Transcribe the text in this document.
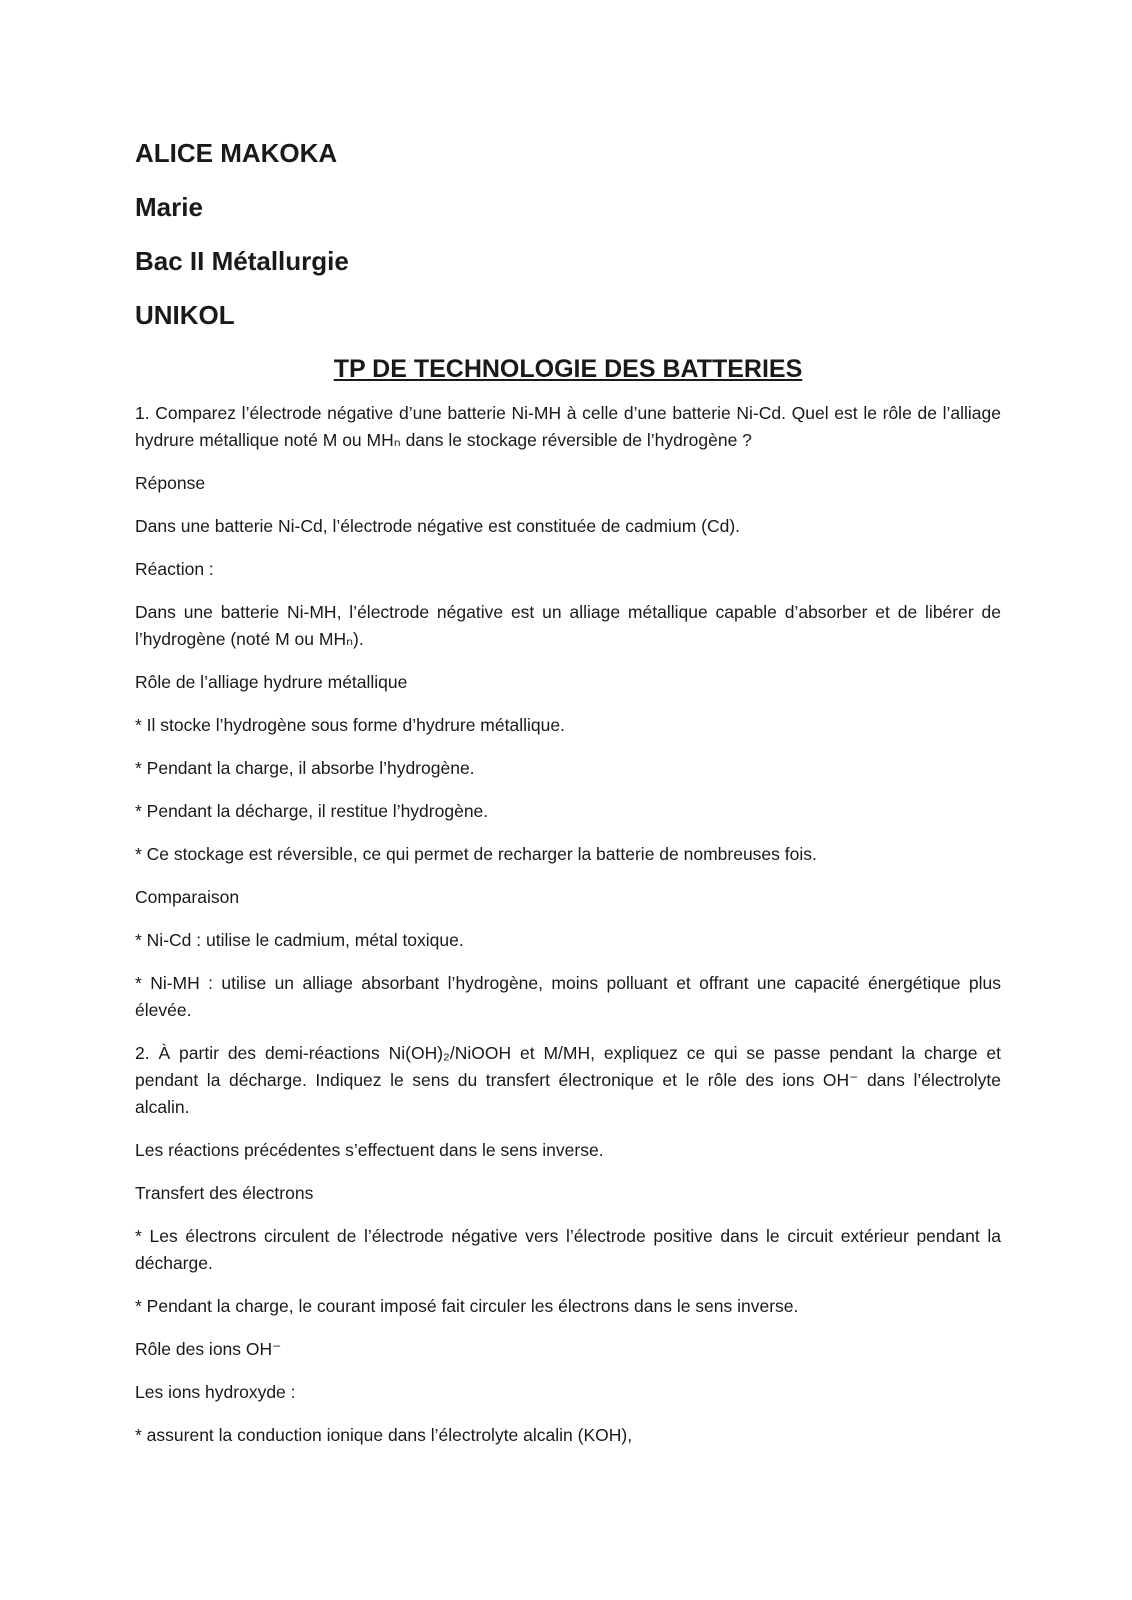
ALICE MAKOKA
Marie
Bac II Métallurgie
UNIKOL
TP DE TECHNOLOGIE DES BATTERIES

1. Comparez l’électrode négative d’une batterie Ni-MH à celle d’une batterie Ni-Cd. Quel est le rôle de l’alliage hydrure métallique noté M ou MHₙ dans le stockage réversible de l’hydrogène ?

Réponse

Dans une batterie Ni-Cd, l’électrode négative est constituée de cadmium (Cd).

Réaction :

Dans une batterie Ni-MH, l’électrode négative est un alliage métallique capable d’absorber et de libérer de l’hydrogène (noté M ou MHₙ).

Rôle de l’alliage hydrure métallique

* Il stocke l’hydrogène sous forme d’hydrure métallique.

* Pendant la charge, il absorbe l’hydrogène.

* Pendant la décharge, il restitue l’hydrogène.

* Ce stockage est réversible, ce qui permet de recharger la batterie de nombreuses fois.

Comparaison

* Ni-Cd : utilise le cadmium, métal toxique.

* Ni-MH : utilise un alliage absorbant l’hydrogène, moins polluant et offrant une capacité énergétique plus élevée.

2. À partir des demi-réactions Ni(OH)₂/NiOOH et M/MH, expliquez ce qui se passe pendant la charge et pendant la décharge. Indiquez le sens du transfert électronique et le rôle des ions OH⁻ dans l’électrolyte alcalin.

Les réactions précédentes s’effectuent dans le sens inverse.

Transfert des électrons

* Les électrons circulent de l’électrode négative vers l’électrode positive dans le circuit extérieur pendant la décharge.

* Pendant la charge, le courant imposé fait circuler les électrons dans le sens inverse.

Rôle des ions OH⁻

Les ions hydroxyde :

* assurent la conduction ionique dans l’électrolyte alcalin (KOH),
